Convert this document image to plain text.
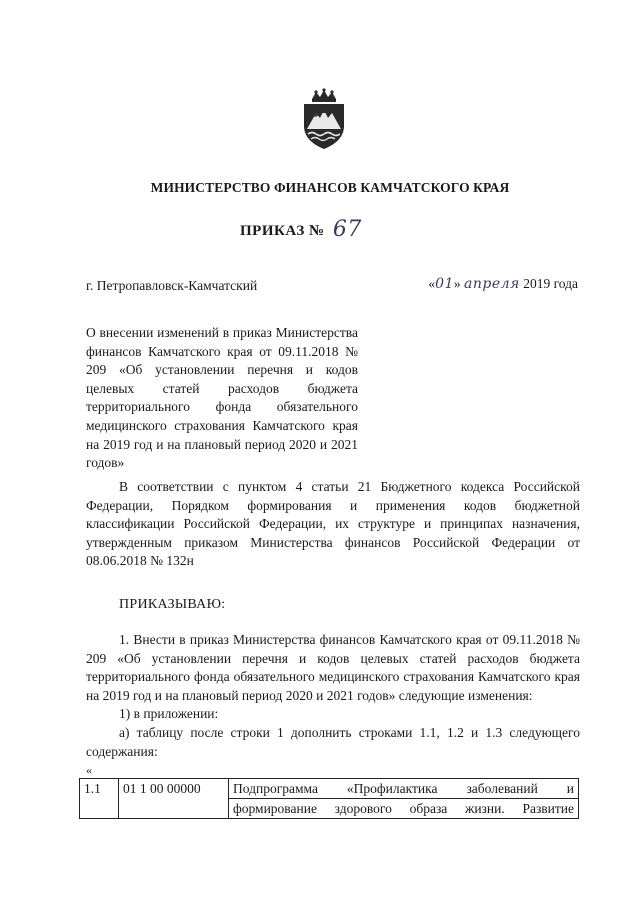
МИНИСТЕРСТВО ФИНАНСОВ КАМЧАТСКОГО КРАЯ
ПРИКАЗ № 67
г. Петропавловск-Камчатский	«01» апреля 2019 года
О внесении изменений в приказ Министерства финансов Камчатского края от 09.11.2018 № 209 «Об установлении перечня и кодов целевых статей расходов бюджета территориального фонда обязательного медицинского страхования Камчатского края на 2019 год и на плановый период 2020 и 2021 годов»
В соответствии с пунктом 4 статьи 21 Бюджетного кодекса Российской Федерации, Порядком формирования и применения кодов бюджетной классификации Российской Федерации, их структуре и принципах назначения, утвержденным приказом Министерства финансов Российской Федерации от 08.06.2018 № 132н
ПРИКАЗЫВАЮ:
1. Внести в приказ Министерства финансов Камчатского края от 09.11.2018 № 209 «Об установлении перечня и кодов целевых статей расходов бюджета территориального фонда обязательного медицинского страхования Камчатского края на 2019 год и на плановый период 2020 и 2021 годов» следующие изменения:
1) в приложении:
а) таблицу после строки 1 дополнить строками 1.1, 1.2 и 1.3 следующего содержания:
«
1.1	01 1 00 00000	Подпрограмма «Профилактика заболеваний и
формирование здорового образа жизни. Развитие
